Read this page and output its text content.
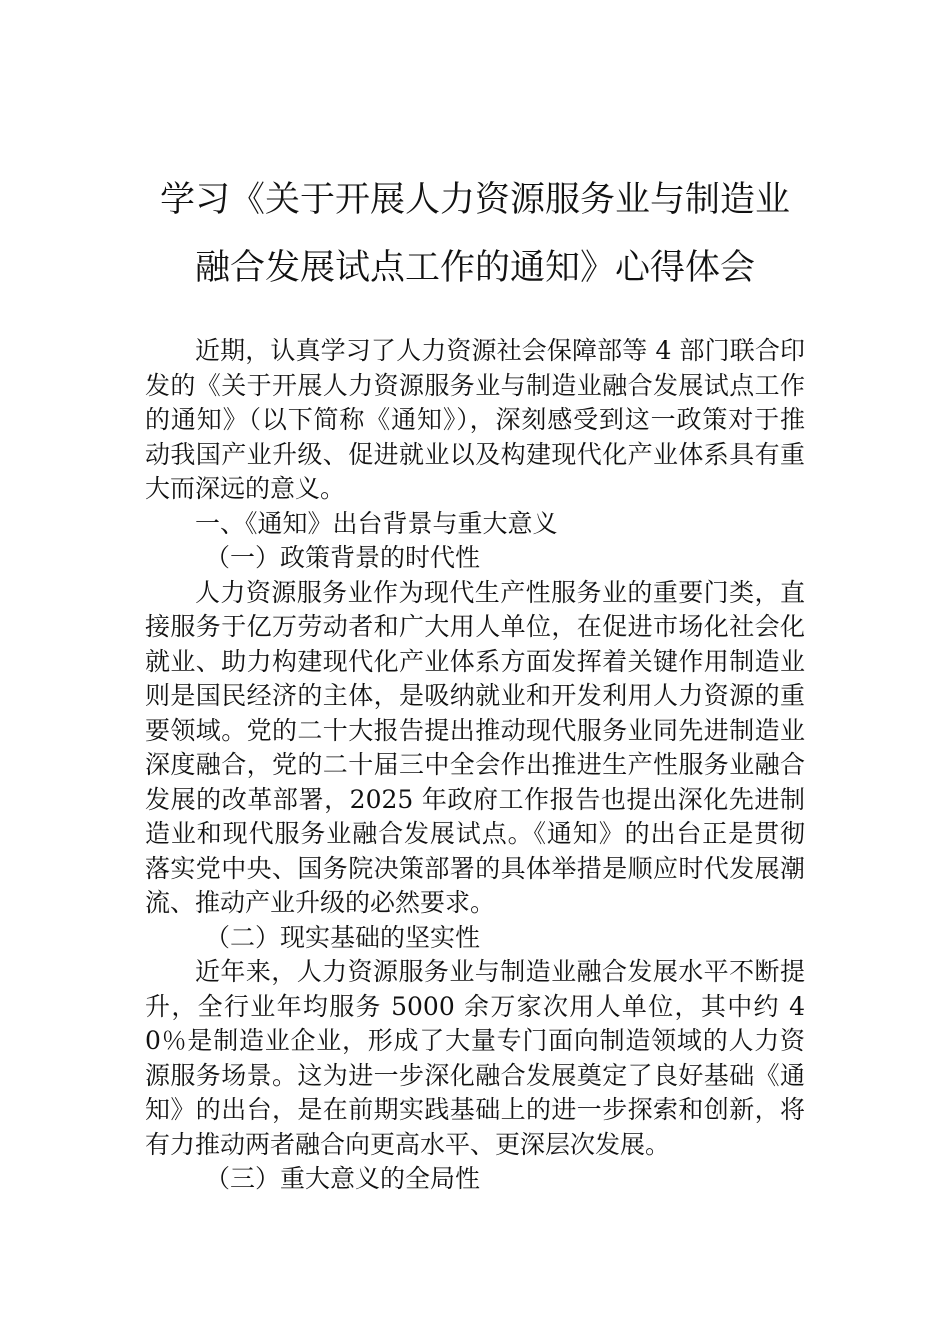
学习《关于开展人力资源服务业与制造业
融合发展试点工作的通知》心得体会

近期，认真学习了人力资源社会保障部等 4 部门联合印发的《关于开展人力资源服务业与制造业融合发展试点工作的通知》（以下简称《通知》），深刻感受到这一政策对于推动我国产业升级、促进就业以及构建现代化产业体系具有重大而深远的意义。

一、《通知》出台背景与重大意义

（一）政策背景的时代性

人力资源服务业作为现代生产性服务业的重要门类，直接服务于亿万劳动者和广大用人单位，在促进市场化社会化就业、助力构建现代化产业体系方面发挥着关键作用制造业则是国民经济的主体，是吸纳就业和开发利用人力资源的重要领域。党的二十大报告提出推动现代服务业同先进制造业深度融合，党的二十届三中全会作出推进生产性服务业融合发展的改革部署，2025 年政府工作报告也提出深化先进制造业和现代服务业融合发展试点。《通知》的出台正是贯彻落实党中央、国务院决策部署的具体举措是顺应时代发展潮流、推动产业升级的必然要求。

（二）现实基础的坚实性

近年来，人力资源服务业与制造业融合发展水平不断提升，全行业年均服务 5000 余万家次用人单位，其中约 40％是制造业企业，形成了大量专门面向制造领域的人力资源服务场景。这为进一步深化融合发展奠定了良好基础《通知》的出台，是在前期实践基础上的进一步探索和创新，将有力推动两者融合向更高水平、更深层次发展。

（三）重大意义的全局性
